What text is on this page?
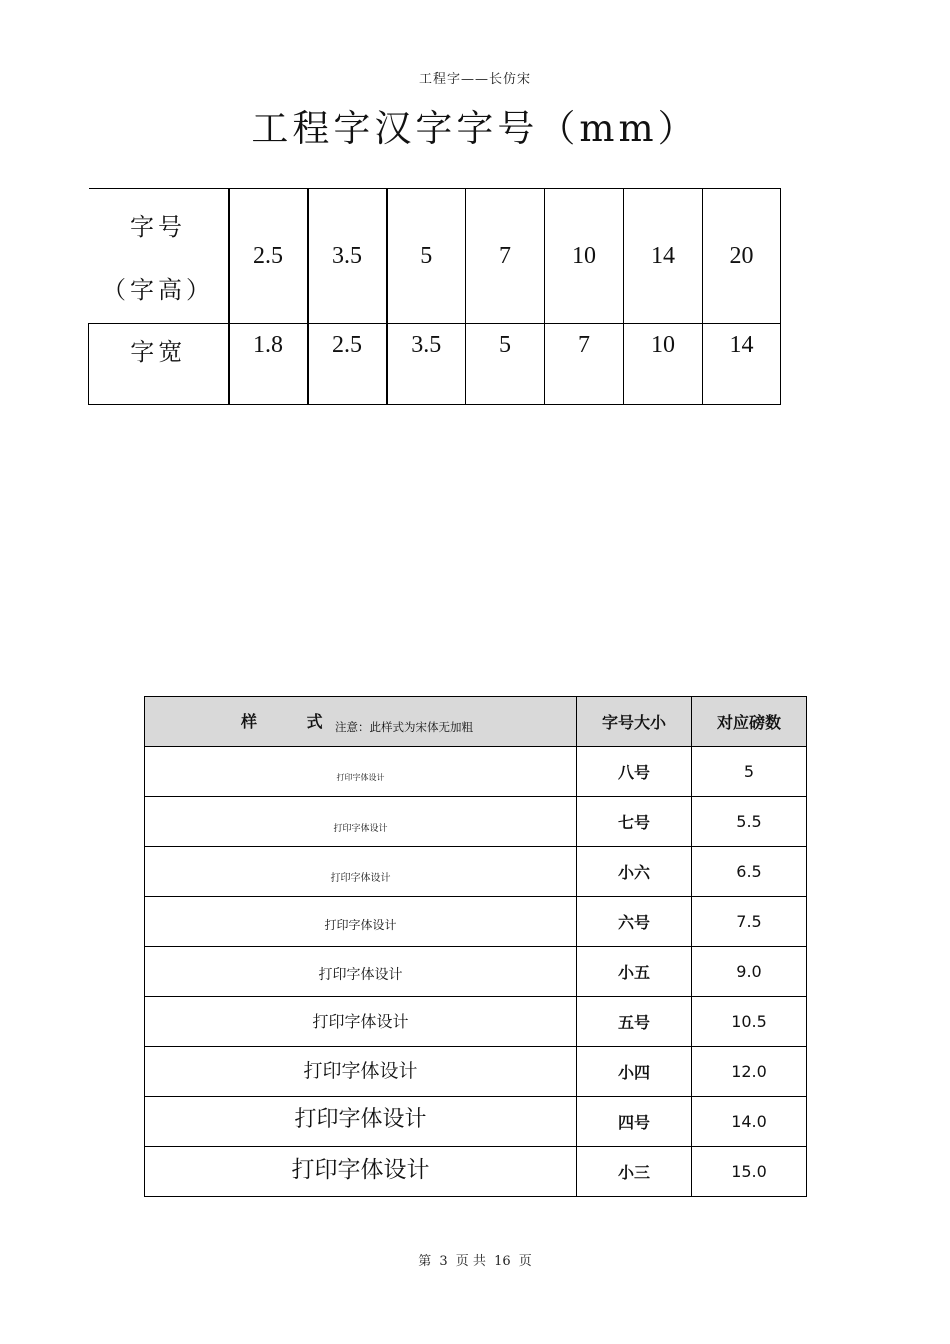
工程字——长仿宋
工程字汉字字号（mm）
字号
（字高）	2.5	3.5	5	7	10	14	20
字宽	1.8	2.5	3.5	5	7	10	14
样 式
注意：此样式为宋体无加粗	字号大小	对应磅数
打印字体设计	八号	5
打印字体设计	七号	5.5
打印字体设计	小六	6.5
打印字体设计	六号	7.5
打印字体设计	小五	9.0
打印字体设计	五号	10.5
打印字体设计	小四	12.0
打印字体设计	四号	14.0
打印字体设计	小三	15.0
第 3 页 共 16 页
